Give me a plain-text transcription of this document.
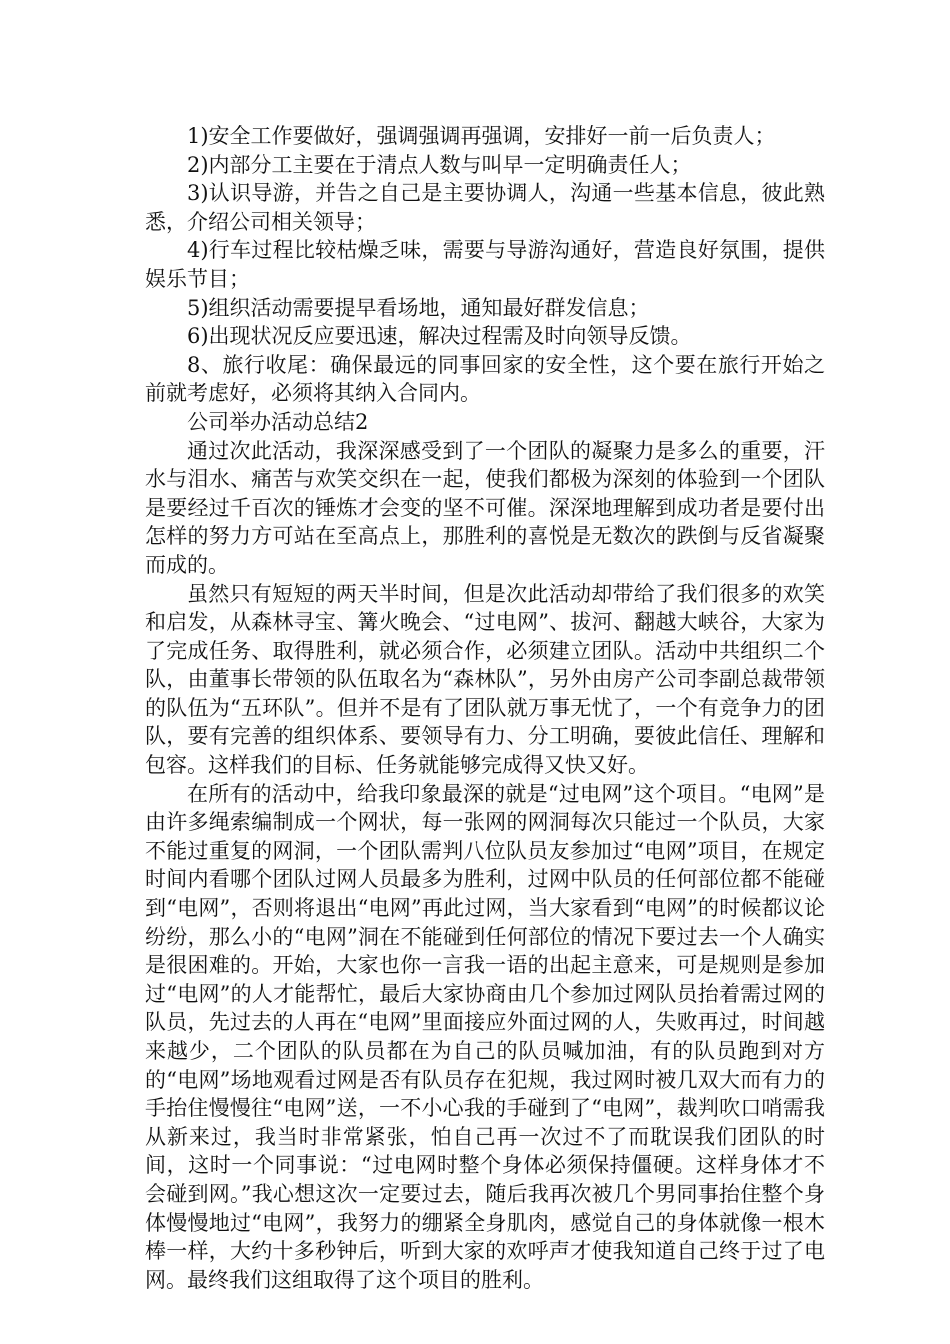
1)安全工作要做好，强调强调再强调，安排好一前一后负责人；

2)内部分工主要在于清点人数与叫早一定明确责任人；

3)认识导游，并告之自己是主要协调人，沟通一些基本信息，彼此熟悉，介绍公司相关领导；

4)行车过程比较枯燥乏味，需要与导游沟通好，营造良好氛围，提供娱乐节目；

5)组织活动需要提早看场地，通知最好群发信息；

6)出现状况反应要迅速，解决过程需及时向领导反馈。

8、旅行收尾：确保最远的同事回家的安全性，这个要在旅行开始之前就考虑好，必须将其纳入合同内。

公司举办活动总结2

通过次此活动，我深深感受到了一个团队的凝聚力是多么的重要，汗水与泪水、痛苦与欢笑交织在一起，使我们都极为深刻的体验到一个团队是要经过千百次的锤炼才会变的坚不可催。深深地理解到成功者是要付出怎样的努力方可站在至高点上，那胜利的喜悦是无数次的跌倒与反省凝聚而成的。

虽然只有短短的两天半时间，但是次此活动却带给了我们很多的欢笑和启发，从森林寻宝、篝火晚会、“过电网”、拔河、翻越大峡谷，大家为了完成任务、取得胜利，就必须合作，必须建立团队。活动中共组织二个队，由董事长带领的队伍取名为“森林队”，另外由房产公司李副总裁带领的队伍为“五环队”。但并不是有了团队就万事无忧了，一个有竞争力的团队，要有完善的组织体系、要领导有力、分工明确，要彼此信任、理解和包容。这样我们的目标、任务就能够完成得又快又好。

在所有的活动中，给我印象最深的就是“过电网”这个项目。“电网”是由许多绳索编制成一个网状，每一张网的网洞每次只能过一个队员，大家不能过重复的网洞，一个团队需判八位队员友参加过“电网”项目，在规定时间内看哪个团队过网人员最多为胜利，过网中队员的任何部位都不能碰到“电网”，否则将退出“电网”再此过网，当大家看到“电网”的时候都议论纷纷，那么小的“电网”洞在不能碰到任何部位的情况下要过去一个人确实是很困难的。开始，大家也你一言我一语的出起主意来，可是规则是参加过“电网”的人才能帮忙，最后大家协商由几个参加过网队员抬着需过网的队员，先过去的人再在“电网”里面接应外面过网的人，失败再过，时间越来越少，二个团队的队员都在为自己的队员喊加油，有的队员跑到对方的“电网”场地观看过网是否有队员存在犯规，我过网时被几双大而有力的手抬住慢慢往“电网”送，一不小心我的手碰到了“电网”，裁判吹口哨需我从新来过，我当时非常紧张，怕自己再一次过不了而耽误我们团队的时间，这时一个同事说：“过电网时整个身体必须保持僵硬。这样身体才不会碰到网。”我心想这次一定要过去，随后我再次被几个男同事抬住整个身体慢慢地过“电网”，我努力的绷紧全身肌肉，感觉自己的身体就像一根木棒一样，大约十多秒钟后，听到大家的欢呼声才使我知道自己终于过了电网。最终我们这组取得了这个项目的胜利。
